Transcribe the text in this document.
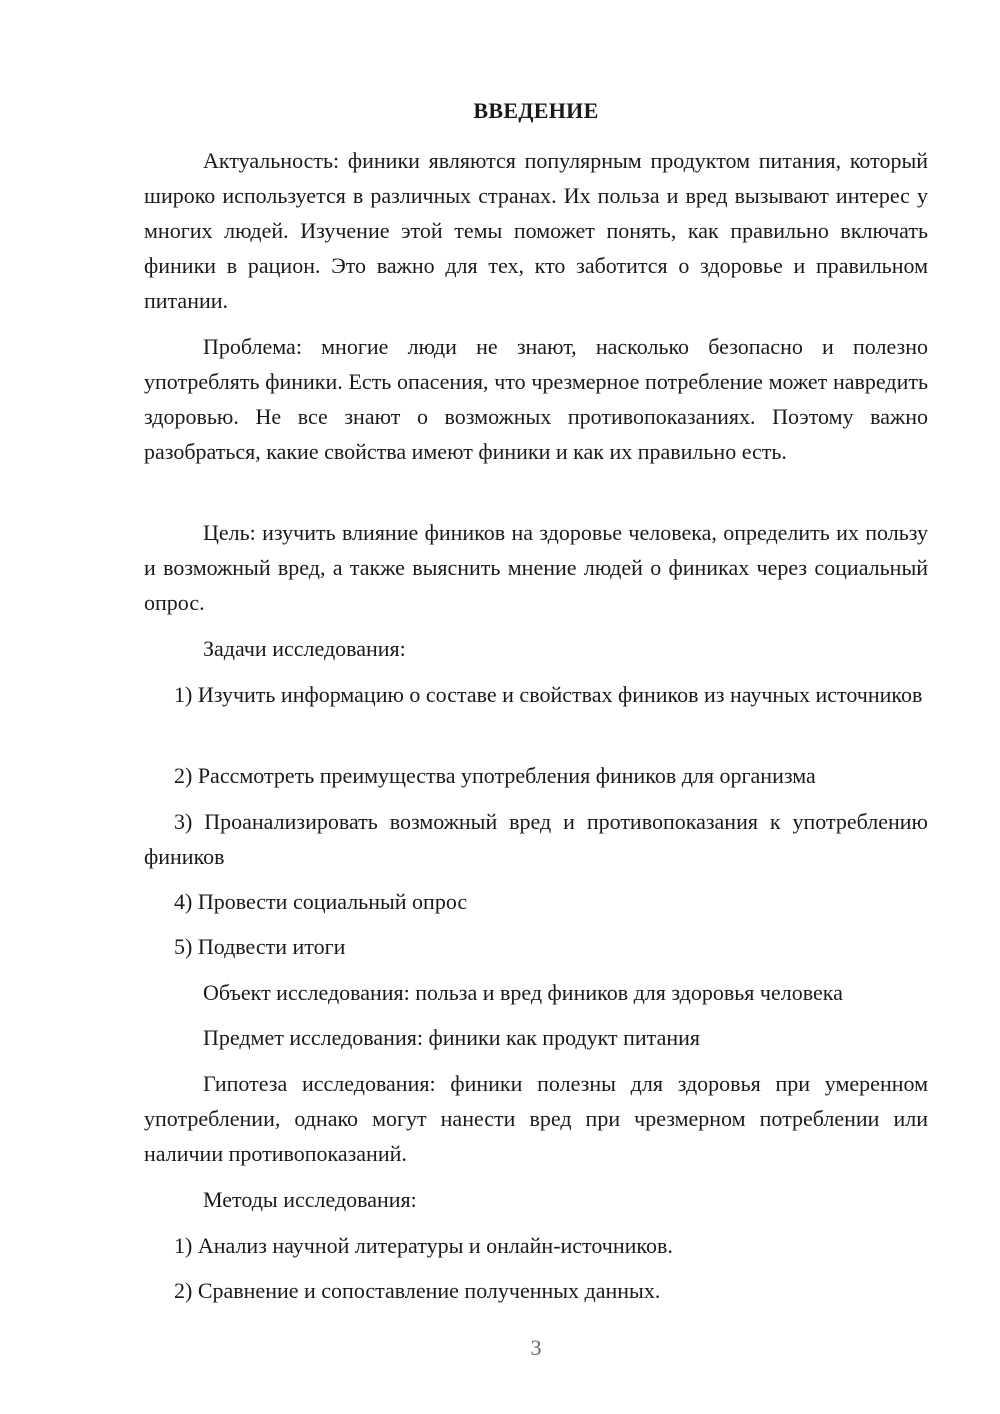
ВВЕДЕНИЕ

Актуальность: финики являются популярным продуктом питания, который широко используется в различных странах. Их польза и вред вызывают интерес у многих людей. Изучение этой темы поможет понять, как правильно включать финики в рацион. Это важно для тех, кто заботится о здоровье и правильном питании.

Проблема: многие люди не знают, насколько безопасно и полезно употреблять финики. Есть опасения, что чрезмерное потребление может навредить здоровью. Не все знают о возможных противопоказаниях. Поэтому важно разобраться, какие свойства имеют финики и как их правильно есть.

Цель: изучить влияние фиников на здоровье человека, определить их пользу и возможный вред, а также выяснить мнение людей о финиках через социальный опрос.

Задачи исследования:

1) Изучить информацию о составе и свойствах фиников из научных источников

2) Рассмотреть преимущества употребления фиников для организма

3) Проанализировать возможный вред и противопоказания к употреблению фиников

4) Провести социальный опрос

5) Подвести итоги

Объект исследования: польза и вред фиников для здоровья человека

Предмет исследования: финики как продукт питания

Гипотеза исследования: финики полезны для здоровья при умеренном употреблении, однако могут нанести вред при чрезмерном потреблении или наличии противопоказаний.

Методы исследования:

1) Анализ научной литературы и онлайн-источников.

2) Сравнение и сопоставление полученных данных.

3
